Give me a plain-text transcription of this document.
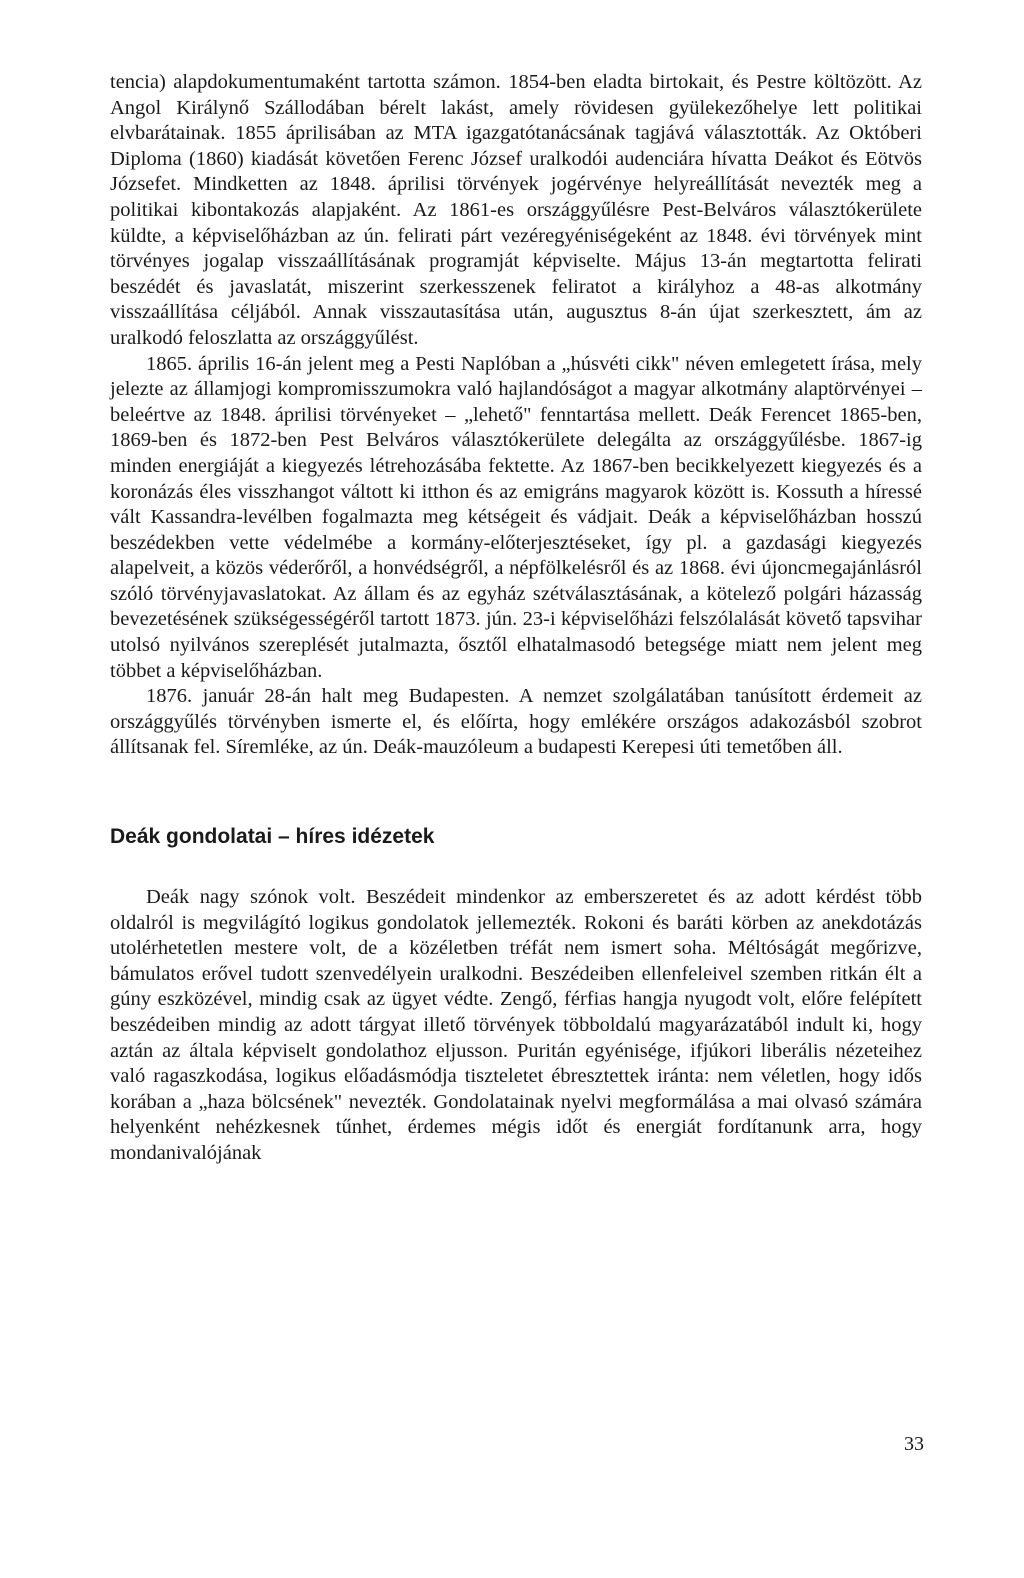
tencia) alapdokumentumaként tartotta számon. 1854-ben eladta birtokait, és Pestre költözött. Az Angol Királynő Szállodában bérelt lakást, amely rövidesen gyülekezőhelye lett politikai elvbarátainak. 1855 áprilisában az MTA igazgatótanácsának tagjává választották. Az Októberi Diploma (1860) kiadását követően Ferenc József uralkodói audenciára hívatta Deákot és Eötvös Józsefet. Mindketten az 1848. áprilisi törvények jogérvénye helyreállítását nevezték meg a politikai kibontakozás alapjaként. Az 1861-es országgyűlésre Pest-Belváros választókerülete küldte, a képviselőházban az ún. felirati párt vezéregyéniségeként az 1848. évi törvények mint törvényes jogalap visszaállításának programját képviselte. Május 13-án megtartotta felirati beszédét és javaslatát, miszerint szerkesszenek feliratot a királyhoz a 48-as alkotmány visszaállítása céljából. Annak visszautasítása után, augusztus 8-án újat szerkesztett, ám az uralkodó feloszlatta az országgyűlést.

1865. április 16-án jelent meg a Pesti Naplóban a „húsvéti cikk" néven emlegetett írása, mely jelezte az államjogi kompromisszumokra való hajlandóságot a magyar alkotmány alaptörvényei – beleértve az 1848. áprilisi törvényeket – „lehető" fenntartása mellett. Deák Ferencet 1865-ben, 1869-ben és 1872-ben Pest Belváros választókerülete delegálta az országgyűlésbe. 1867-ig minden energiáját a kiegyezés létrehozásába fektette. Az 1867-ben becikkelyezett kiegyezés és a koronázás éles visszhangot váltott ki itthon és az emigráns magyarok között is. Kossuth a híressé vált Kassandra-levélben fogalmazta meg kétségeit és vádjait. Deák a képviselőházban hosszú beszédekben vette védelmébe a kormány-előterjesztéseket, így pl. a gazdasági kiegyezés alapelveit, a közös véderőről, a honvédségről, a népfölkelésről és az 1868. évi újoncmegajánlásról szóló törvényjavaslatokat. Az állam és az egyház szétválasztásának, a kötelező polgári házasság bevezetésének szükségességéről tartott 1873. jún. 23-i képviselőházi felszólalását követő tapsvihar utolsó nyilvános szereplését jutalmazta, ősztől elhatalmasodó betegsége miatt nem jelent meg többet a képviselőházban.

1876. január 28-án halt meg Budapesten. A nemzet szolgálatában tanúsított érdemeit az országgyűlés törvényben ismerte el, és előírta, hogy emlékére országos adakozásból szobrot állítsanak fel. Síremléke, az ún. Deák-mauzóleum a budapesti Kerepesi úti temetőben áll.

Deák gondolatai – híres idézetek

Deák nagy szónok volt. Beszédeit mindenkor az emberszeretet és az adott kérdést több oldalról is megvilágító logikus gondolatok jellemezték. Rokoni és baráti körben az anekdotázás utolérhetetlen mestere volt, de a közéletben tréfát nem ismert soha. Méltóságát megőrizve, bámulatos erővel tudott szenvedélyein uralkodni. Beszédeiben ellenfeleivel szemben ritkán élt a gúny eszközével, mindig csak az ügyet védte. Zengő, férfias hangja nyugodt volt, előre felépített beszédeiben mindig az adott tárgyat illető törvények többoldalú magyarázatából indult ki, hogy aztán az általa képviselt gondolathoz eljusson. Puritán egyénisége, ifjúkori liberális nézeteihez való ragaszkodása, logikus előadásmódja tiszteletet ébresztettek iránta: nem véletlen, hogy idős korában a „haza bölcsének" nevezték. Gondolatainak nyelvi megformálása a mai olvasó számára helyenként nehézkesnek tűnhet, érdemes mégis időt és energiát fordítanunk arra, hogy mondanivalójának

33
